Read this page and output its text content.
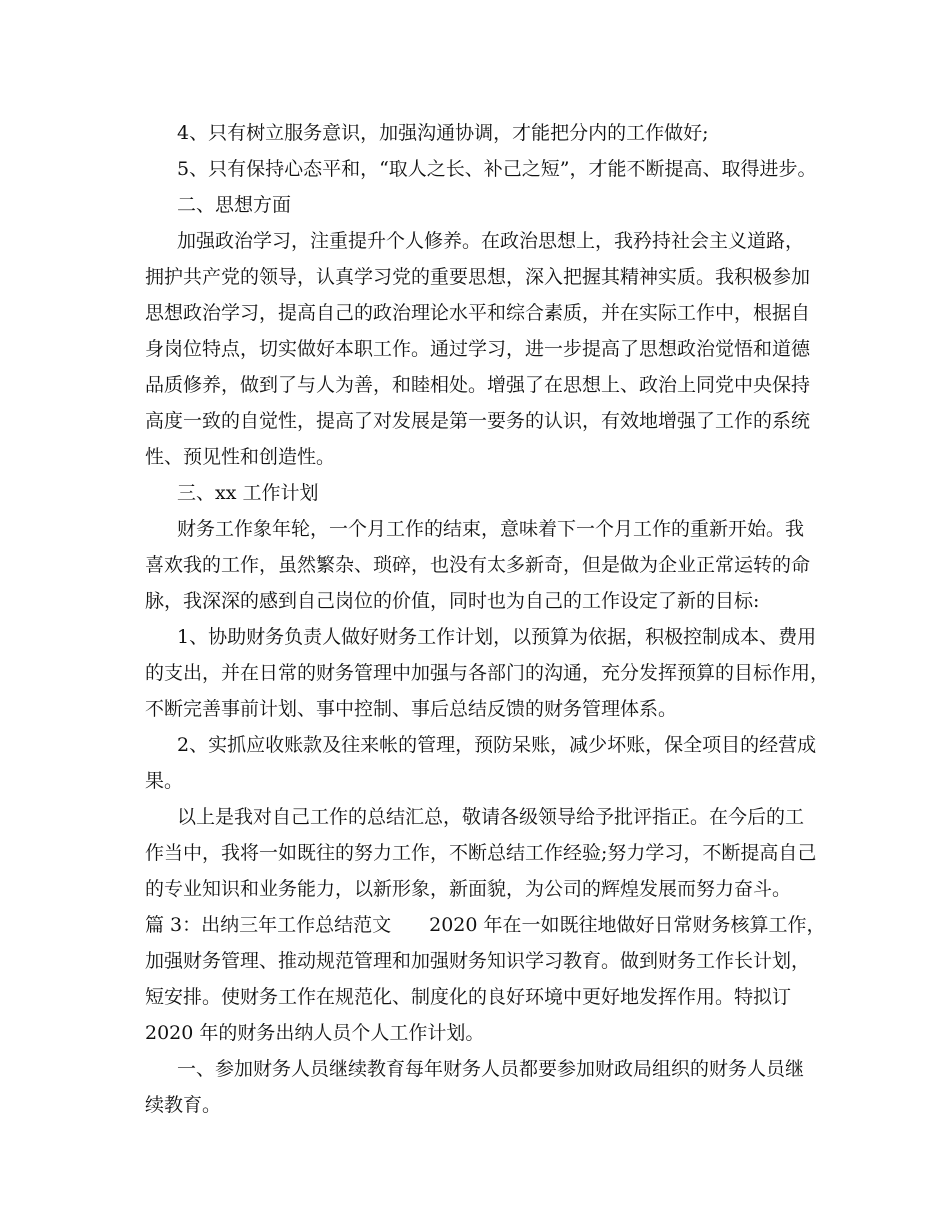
4、只有树立服务意识，加强沟通协调，才能把分内的工作做好;

5、只有保持心态平和，“取人之长、补己之短”，才能不断提高、取得进步。

二、思想方面

加强政治学习，注重提升个人修养。在政治思想上，我矜持社会主义道路，

拥护共产党的领导，认真学习党的重要思想，深入把握其精神实质。我积极参加

思想政治学习，提高自己的政治理论水平和综合素质，并在实际工作中，根据自

身岗位特点，切实做好本职工作。通过学习，进一步提高了思想政治觉悟和道德

品质修养，做到了与人为善，和睦相处。增强了在思想上、政治上同党中央保持

高度一致的自觉性，提高了对发展是第一要务的认识，有效地增强了工作的系统

性、预见性和创造性。

三、xx 工作计划

财务工作象年轮，一个月工作的结束，意味着下一个月工作的重新开始。我

喜欢我的工作，虽然繁杂、琐碎，也没有太多新奇，但是做为企业正常运转的命

脉，我深深的感到自己岗位的价值，同时也为自己的工作设定了新的目标:

1、协助财务负责人做好财务工作计划，以预算为依据，积极控制成本、费用

的支出，并在日常的财务管理中加强与各部门的沟通，充分发挥预算的目标作用，

不断完善事前计划、事中控制、事后总结反馈的财务管理体系。

2、实抓应收账款及往来帐的管理，预防呆账，减少坏账，保全项目的经营成

果。

以上是我对自己工作的总结汇总，敬请各级领导给予批评指正。在今后的工

作当中，我将一如既往的努力工作，不断总结工作经验;努力学习，不断提高自己

的专业知识和业务能力，以新形象，新面貌，为公司的辉煌发展而努力奋斗。

篇 3：出纳三年工作总结范文　　2020 年在一如既往地做好日常财务核算工作，

加强财务管理、推动规范管理和加强财务知识学习教育。做到财务工作长计划，

短安排。使财务工作在规范化、制度化的良好环境中更好地发挥作用。特拟订

2020 年的财务出纳人员个人工作计划。

一、参加财务人员继续教育每年财务人员都要参加财政局组织的财务人员继

续教育。
